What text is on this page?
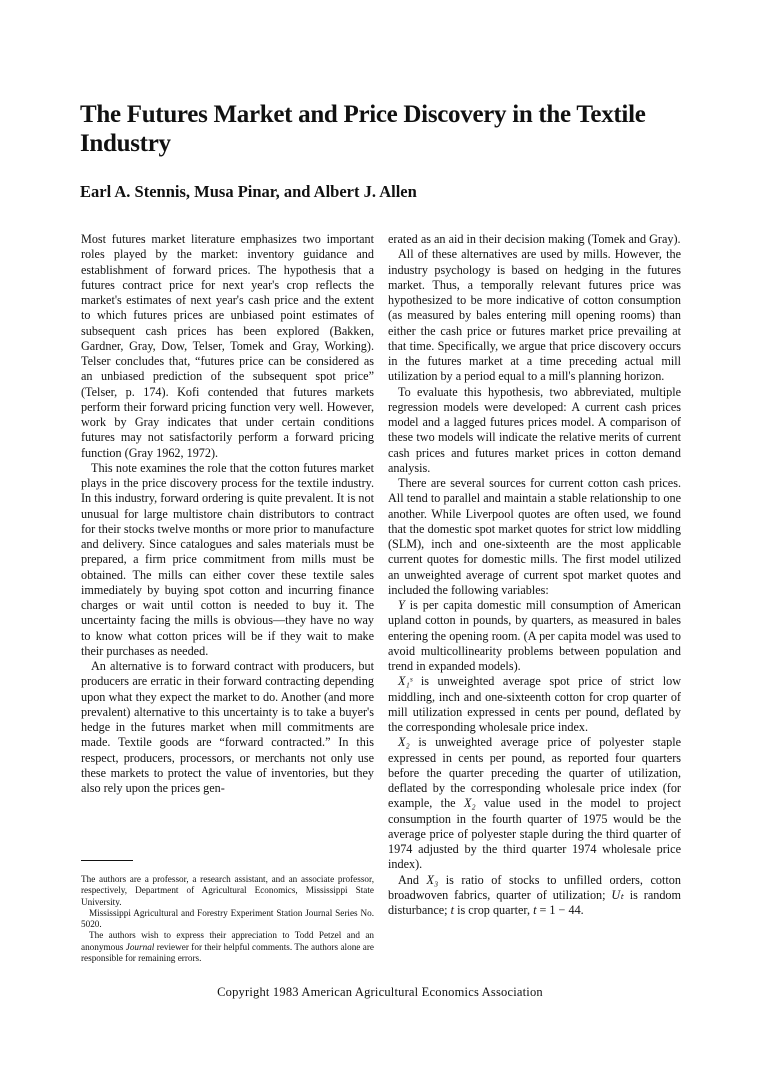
The Futures Market and Price Discovery in the Textile Industry
Earl A. Stennis, Musa Pinar, and Albert J. Allen

Most futures market literature emphasizes two important roles played by the market: inventory guidance and establishment of forward prices. The hypothesis that a futures contract price for next year's crop reflects the market's estimates of next year's cash price and the extent to which futures prices are unbiased point estimates of subsequent cash prices has been explored (Bakken, Gardner, Gray, Dow, Telser, Tomek and Gray, Working). Telser concludes that, “futures price can be considered as an unbiased prediction of the subsequent spot price” (Telser, p. 174). Kofi contended that futures markets perform their forward pricing function very well. However, work by Gray indicates that under certain conditions futures may not satisfactorily perform a forward pricing function (Gray 1962, 1972).

This note examines the role that the cotton futures market plays in the price discovery process for the textile industry. In this industry, forward ordering is quite prevalent. It is not unusual for large multistore chain distributors to contract for their stocks twelve months or more prior to manufacture and delivery. Since catalogues and sales materials must be prepared, a firm price commitment from mills must be obtained. The mills can either cover these textile sales immediately by buying spot cotton and incurring finance charges or wait until cotton is needed to buy it. The uncertainty facing the mills is obvious—they have no way to know what cotton prices will be if they wait to make their purchases as needed.

An alternative is to forward contract with producers, but producers are erratic in their forward contracting depending upon what they expect the market to do. Another (and more prevalent) alternative to this uncertainty is to take a buyer's hedge in the futures market when mill commitments are made. Textile goods are “forward contracted.” In this respect, producers, processors, or merchants not only use these markets to protect the value of inventories, but they also rely upon the prices gen-

The authors are a professor, a research assistant, and an associate professor, respectively, Department of Agricultural Economics, Mississippi State University.

Mississippi Agricultural and Forestry Experiment Station Journal Series No. 5020.

The authors wish to express their appreciation to Todd Petzel and an anonymous Journal reviewer for their helpful comments. The authors alone are responsible for remaining errors.

erated as an aid in their decision making (Tomek and Gray).

All of these alternatives are used by mills. However, the industry psychology is based on hedging in the futures market. Thus, a temporally relevant futures price was hypothesized to be more indicative of cotton consumption (as measured by bales entering mill opening rooms) than either the cash price or futures market price prevailing at that time. Specifically, we argue that price discovery occurs in the futures market at a time preceding actual mill utilization by a period equal to a mill's planning horizon.

To evaluate this hypothesis, two abbreviated, multiple regression models were developed: A current cash prices model and a lagged futures prices model. A comparison of these two models will indicate the relative merits of current cash prices and futures market prices in cotton demand analysis.

There are several sources for current cotton cash prices. All tend to parallel and maintain a stable relationship to one another. While Liverpool quotes are often used, we found that the domestic spot market quotes for strict low middling (SLM), inch and one-sixteenth are the most applicable current quotes for domestic mills. The first model utilized an unweighted average of current spot market quotes and included the following variables:

Y is per capita domestic mill consumption of American upland cotton in pounds, by quarters, as measured in bales entering the opening room. (A per capita model was used to avoid multicollinearity problems between population and trend in expanded models).

X₁ˢ is unweighted average spot price of strict low middling, inch and one-sixteenth cotton for crop quarter of mill utilization expressed in cents per pound, deflated by the corresponding wholesale price index.

X₂ is unweighted average price of polyester staple expressed in cents per pound, as reported four quarters before the quarter preceding the quarter of utilization, deflated by the corresponding wholesale price index (for example, the X₂ value used in the model to project consumption in the fourth quarter of 1975 would be the average price of polyester staple during the third quarter of 1974 adjusted by the third quarter 1974 wholesale price index).

And X₃ is ratio of stocks to unfilled orders, cotton broadwoven fabrics, quarter of utilization; Uₜ is random disturbance; t is crop quarter, t = 1 − 44.

Copyright 1983 American Agricultural Economics Association
